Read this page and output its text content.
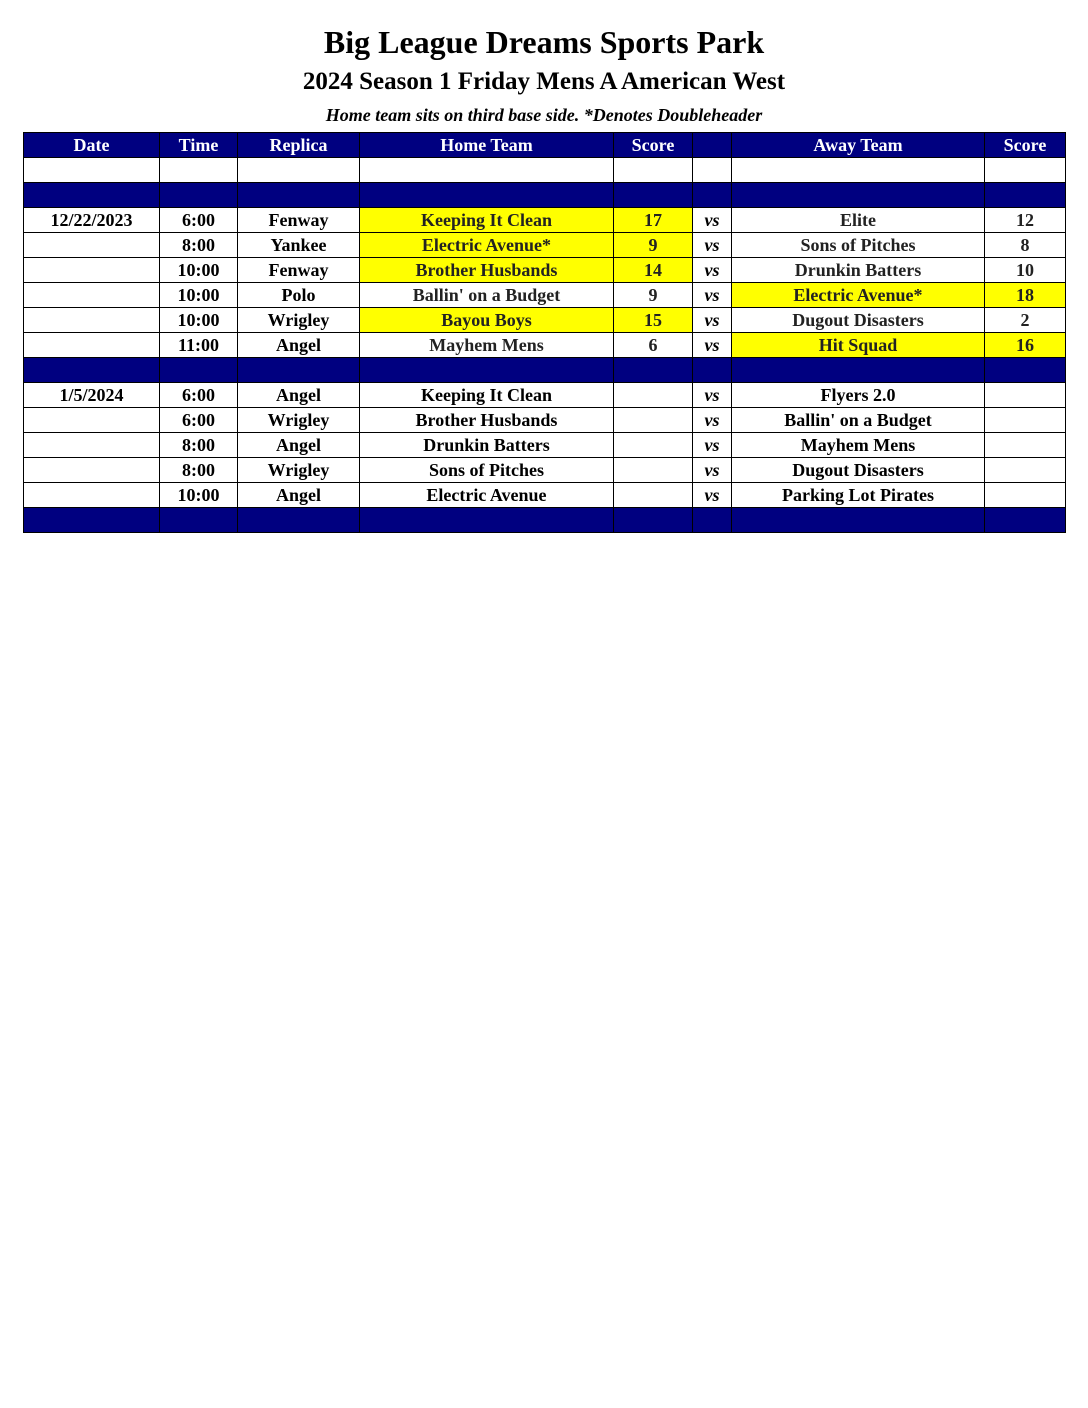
Big League Dreams Sports Park
2024 Season 1 Friday Mens A American West
Home team sits on third base side. *Denotes Doubleheader
Date	Time	Replica	Home Team	Score		Away Team	Score

12/22/2023	6:00	Fenway	Keeping It Clean	17	vs	Elite	12
	8:00	Yankee	Electric Avenue*	9	vs	Sons of Pitches	8
	10:00	Fenway	Brother Husbands	14	vs	Drunkin Batters	10
	10:00	Polo	Ballin' on a Budget	9	vs	Electric Avenue*	18
	10:00	Wrigley	Bayou Boys	15	vs	Dugout Disasters	2
	11:00	Angel	Mayhem Mens	6	vs	Hit Squad	16

1/5/2024	6:00	Angel	Keeping It Clean		vs	Flyers 2.0	
	6:00	Wrigley	Brother Husbands		vs	Ballin' on a Budget	
	8:00	Angel	Drunkin Batters		vs	Mayhem Mens	
	8:00	Wrigley	Sons of Pitches		vs	Dugout Disasters	
	10:00	Angel	Electric Avenue		vs	Parking Lot Pirates	
